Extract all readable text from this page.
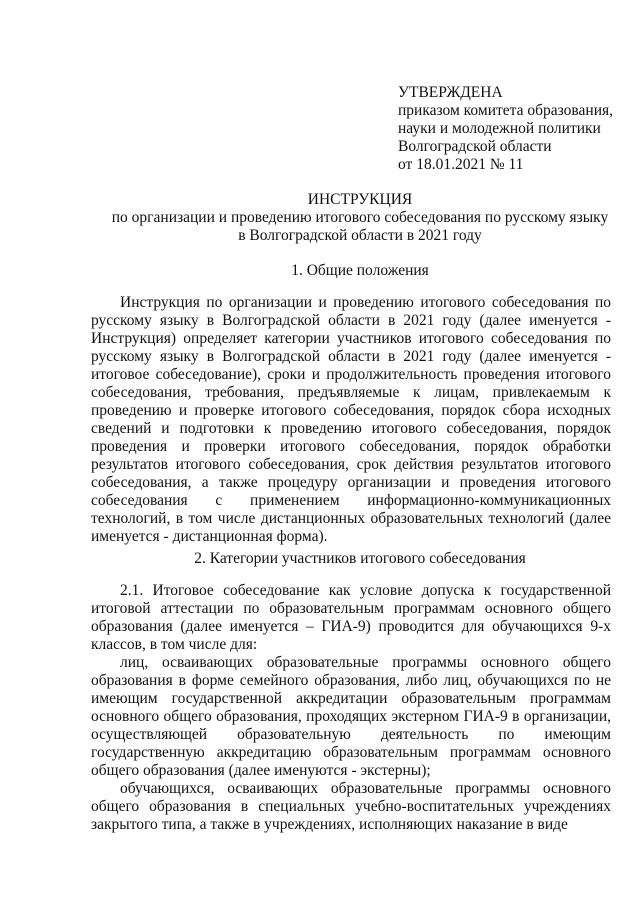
УТВЕРЖДЕНА
приказом комитета образования,
науки и молодежной политики
Волгоградской области
от 18.01.2021 № 11
ИНСТРУКЦИЯ
по организации и проведению итогового собеседования по русскому языку
в Волгоградской области в 2021 году
1. Общие положения

Инструкция по организации и проведению итогового собеседования по русскому языку в Волгоградской области в 2021 году (далее именуется - Инструкция) определяет категории участников итогового собеседования по русскому языку в Волгоградской области в 2021 году (далее именуется - итоговое собеседование), сроки и продолжительность проведения итогового собеседования, требования, предъявляемые к лицам, привлекаемым к проведению и проверке итогового собеседования, порядок сбора исходных сведений и подготовки к проведению итогового собеседования, порядок проведения и проверки итогового собеседования, порядок обработки результатов итогового собеседования, срок действия результатов итогового собеседования, а также процедуру организации и проведения итогового собеседования с применением информационно-коммуникационных технологий, в том числе дистанционных образовательных технологий (далее именуется - дистанционная форма).

2. Категории участников итогового собеседования

2.1. Итоговое собеседование как условие допуска к государственной итоговой аттестации по образовательным программам основного общего образования (далее именуется – ГИА-9) проводится для обучающихся 9-х классов, в том числе для:

лиц, осваивающих образовательные программы основного общего образования в форме семейного образования, либо лиц, обучающихся по не имеющим государственной аккредитации образовательным программам основного общего образования, проходящих экстерном ГИА-9 в организации, осуществляющей образовательную деятельность по имеющим государственную аккредитацию образовательным программам основного общего образования (далее именуются - экстерны);

обучающихся, осваивающих образовательные программы основного общего образования в специальных учебно-воспитательных учреждениях закрытого типа, а также в учреждениях, исполняющих наказание в виде
